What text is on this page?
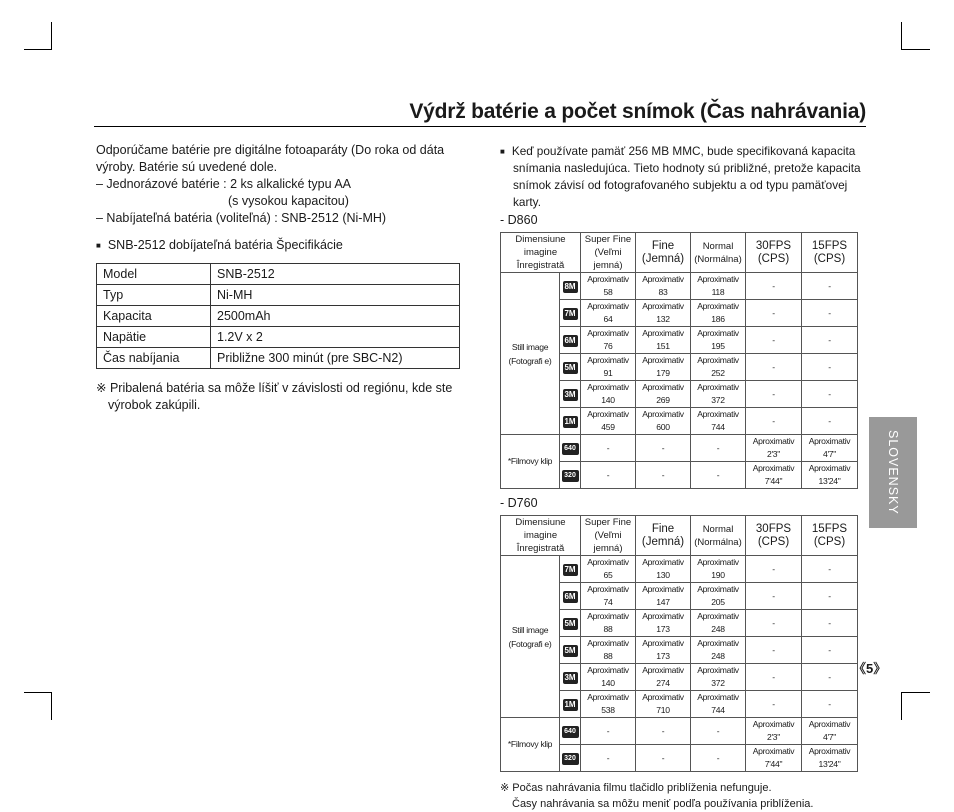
Výdrž batérie a počet snímok (Čas nahrávania)

Odporúčame batérie pre digitálne fotoaparáty (Do roka od dáta

výroby. Batérie sú uvedené dole.

– Jednorázové batérie : 2 ks alkalické typu AA

(s vysokou kapacitou)

– Nabíjateľná batéria (voliteľná) : SNB-2512 (Ni-MH)

■ SNB-2512 dobíjateľná batéria Špecifikácie

Model	SNB-2512
Typ	Ni-MH
Kapacita	2500mAh
Napätie	1.2V x 2
Čas nabíjania	Približne 300 minút (pre SBC-N2)

※ Pribalená batéria sa môže líšiť v závislosti od regiónu, kde ste

výrobok zakúpili.

■ Keď používate pamäť 256 MB MMC, bude specifikovaná kapacita

snímania nasledujúca. Tieto hodnoty sú približné, pretože kapacita

snímok závisí od fotografovaného subjektu a od typu pamäťovej karty.

- D860

Dimensiune imagine Înregistrată		Super Fine (Veľmi jemná)	Fine (Jemná)	Normal (Normálna)	30FPS (CPS)	15FPS (CPS)
Still image (Fotografi e)	8M	Aproximativ 58	Aproximativ 83	Aproximativ 118	-	-
	7M	Aproximativ 64	Aproximativ 132	Aproximativ 186	-	-
	6M	Aproximativ 76	Aproximativ 151	Aproximativ 195	-	-
	5M	Aproximativ 91	Aproximativ 179	Aproximativ 252	-	-
	3M	Aproximativ 140	Aproximativ 269	Aproximativ 372	-	-
	1M	Aproximativ 459	Aproximativ 600	Aproximativ 744	-	-
*Filmovy klip	640	-	-	-	Aproximativ 2'3"	Aproximativ 4'7"
	320	-	-	-	Aproximativ 7'44"	Aproximativ 13'24"

- D760

Dimensiune imagine Înregistrată		Super Fine (Veľmi jemná)	Fine (Jemná)	Normal (Normálna)	30FPS (CPS)	15FPS (CPS)
Still image (Fotografi e)	7M	Aproximativ 65	Aproximativ 130	Aproximativ 190	-	-
	6M	Aproximativ 74	Aproximativ 147	Aproximativ 205	-	-
	5M	Aproximativ 88	Aproximativ 173	Aproximativ 248	-	-
	5M	Aproximativ 88	Aproximativ 173	Aproximativ 248	-	-
	3M	Aproximativ 140	Aproximativ 274	Aproximativ 372	-	-
	1M	Aproximativ 538	Aproximativ 710	Aproximativ 744	-	-
*Filmovy klip	640	-	-	-	Aproximativ 2'3"	Aproximativ 4'7"
	320	-	-	-	Aproximativ 7'44"	Aproximativ 13'24"

※ Počas nahrávania filmu tlačidlo priblíženia nefunguje.

Časy nahrávania sa môžu meniť podľa používania priblíženia.

SLOVENSKY
《5》
